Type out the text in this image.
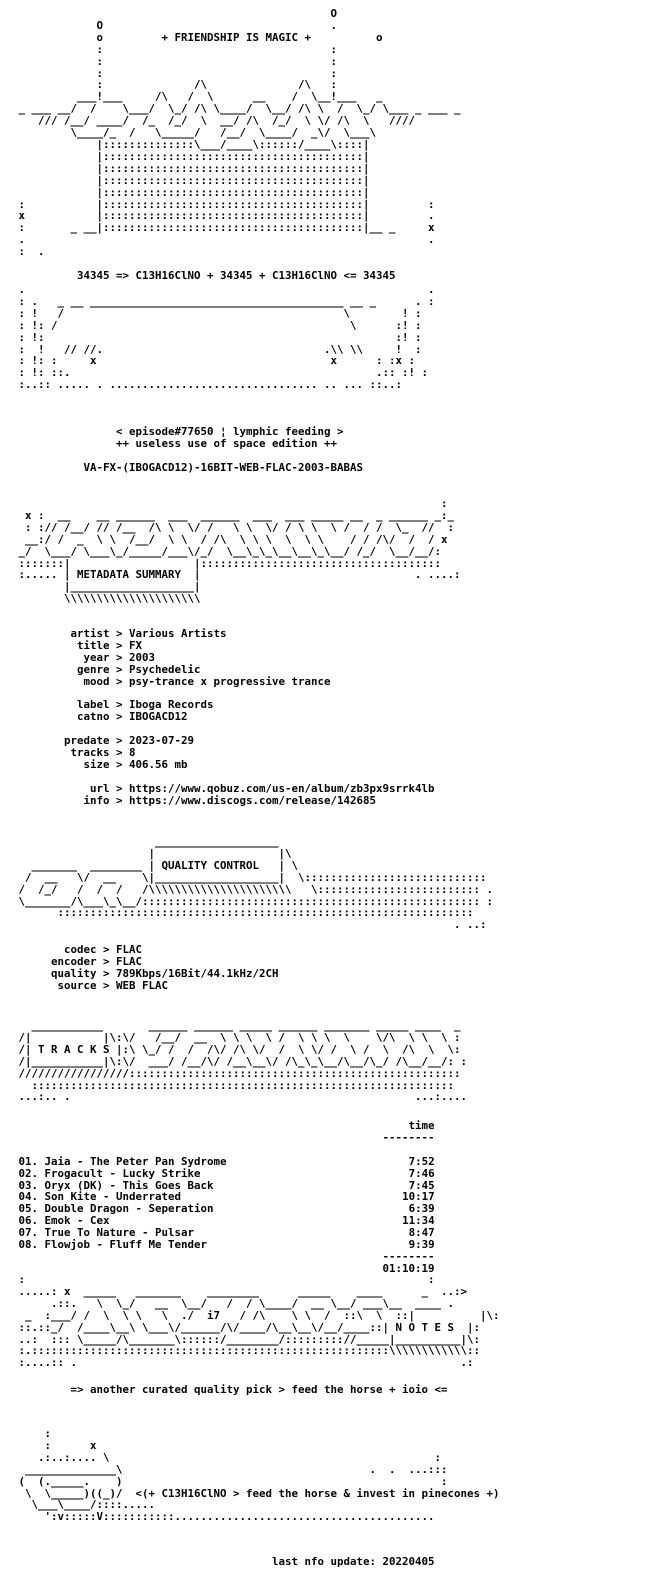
O
O                                   .
o	+ FRIENDSHIP IS MAGIC +	o
:                                   :
:                                   :
:                                   :
:              /\              /\   :
___!___     /\   /  \      __    /  \__!___   _
_ ___ __/  /    \___/  \_/ /\ \____/  \__/ /\ \  /  \_/ \___ _ ___ _
/// /__/ ____/  /_  /_/  \  __/ /\  /_/  \ \/ /\  \   ////
\____/_  /   \_____/   /__/  \____/  _\/  \___\
|::::::::::::::\___/____\::::::/____\::::|
|::::::::::::::::::::::::::::::::::::::::|
|::::::::::::::::::::::::::::::::::::::::|
|::::::::::::::::::::::::::::::::::::::::|
|::::::::::::::::::::::::::::::::::::::::|
:           |::::::::::::::::::::::::::::::::::::::::|         :
x           |::::::::::::::::::::::::::::::::::::::::|         .
:       _ __|::::::::::::::::::::::::::::::::::::::::|__ _     x
.                                                              .
:  .
34345 => C13H16ClNO + 34345 + C13H16ClNO <= 34345
.                                                              .
: .   _ __ _______________________________________ __ _      . :
: !   /                                           \        ! :
: !: /                                             \      :! :
: !:                                                      :! :
:  !   // //.                                  .\\ \\     !  :
: !: :     x                                    x      : :x :
: !: ::.                                               .:: :! :
:..:: ..... . ................................ .. ... ::..:
< episode#77650 ¦ lymphic feeding >
++ useless use of space edition ++

VA-FX-(IBOGACD12)-16BIT-WEB-FLAC-2003-BABAS
:
x :  __    __ ______  ___  ______  ___  ___ _____ __  _ ______ _:_
: :// /__/ // /__  /\ \  \/ /   \ \  \/ / \ \  \ /  / /  \_  //  :
__:/ /  _  \ \  /__/  \ \  / /\  \ \ \  \  \ \    / / /\/  /  / x
_/  \___/ \___\_/_____/___\/_/  \__\_\_\__\__\_\__/ /_/  \__/__/:
:::::::|                   |:::::::::::::::::::::::::::::::::::::
:..... | METADATA SUMMARY  |                                 . ....:
|___________________|
\\\\\\\\\\\\\\\\\\\\\
artist > Various Artists
title > FX
year > 2003
genre > Psychedelic
mood > psy-trance x progressive trance

label > Iboga Records
catno > IBOGACD12

predate > 2023-07-29
tracks > 8
size > 406.56 mb

url > https://www.qobuz.com/us-en/album/zb3px9srrk4lb
info > https://www.discogs.com/release/142685

___________________
|                   |\
_______  ________ | QUALITY CONTROL   | \
/  __   \/  __    \|___________________|  \::::::::::::::::::::::::::::
/  /_/   /  /  /   /\\\\\\\\\\\\\\\\\\\\\\   \::::::::::::::::::::::::: .
\_______/\___\_\__/:::::::::::::::::::::::::::::::::::::::::::::::::::: :
::::::::::::::::::::::::::::::::::::::::::::::::::::::::::::::::
. ..:
codec > FLAC
encoder > FLAC
quality > 789Kbps/16Bit/44.1kHz/2CH
source > WEB FLAC

___________       ______ ______ _____ ______ _______ _____ ____  _
/|           |\:\/   /__/  __  \ \ \  \ /  \ \ \  \    \/\  \ \  \ :
/| T R A C K S |:\ \_/ /  /  /\/ /\ \/  /  \ \/ /  \ /  \  /\  \  \:
/|___________|\:\/  ___/ /__/\/ /__\__\/ /\_\_\__/\__/\_/ /\__/__/: :
/////////////////:::::::::::::::::::::::::::::::::::::::::::::::::::
:::::::::::::::::::::::::::::::::::::::::::::::::::::::::::::::::
...:.. .                                                     ...:....
time
--------

01. Jaia - The Peter Pan Sydrome	7:52
02. Frogacult - Lucky Strike	7:46
03. Oryx (DK) - This Goes Back	7:45
04. Son Kite - Underrated	10:17
05. Double Dragon - Seperation	6:39
06. Emok - Cex	11:34
07. True To Nature - Pulsar	8:47
08. Flowjob - Fluff Me Tender	9:39
--------
01:10:19
:                                                              :
.....: x  _____   _______    ________      _____    ____      _  ..:>
.::.   \  \_/   __  \__/   /  / \____/  __ \__/ ___\__  ____ .
_  :___/ /  \  \ \   \  ./  i7   / /\    \ \  /  ::\  \  ::|          |\:
::.::_/  /____\__\ \___\/______/\/____/\__\__\/__/____::| N O T E S  |:
..:  ::: \_____/\_______\::::::/________/::::::::://_____|__________|\:
:.:::::::::::::::::::::::::::::::::::::::::::::::::::::::\\\\\\\\\\\\::
:....:: .                                                           .:
=> another curated quality pick > feed the horse + ioio <=
:
:      x
.:..:.... \                                                  :
______________\                                      .  .  ...:::
(  (._____.    )                                                 :
\  \_____)((_)/  <(+ C13H16ClNO > feed the horse & invest in pinecones +)
\___\____/::::.....
':v:::::V:::::::::::........................................

last nfo update: 20220405
